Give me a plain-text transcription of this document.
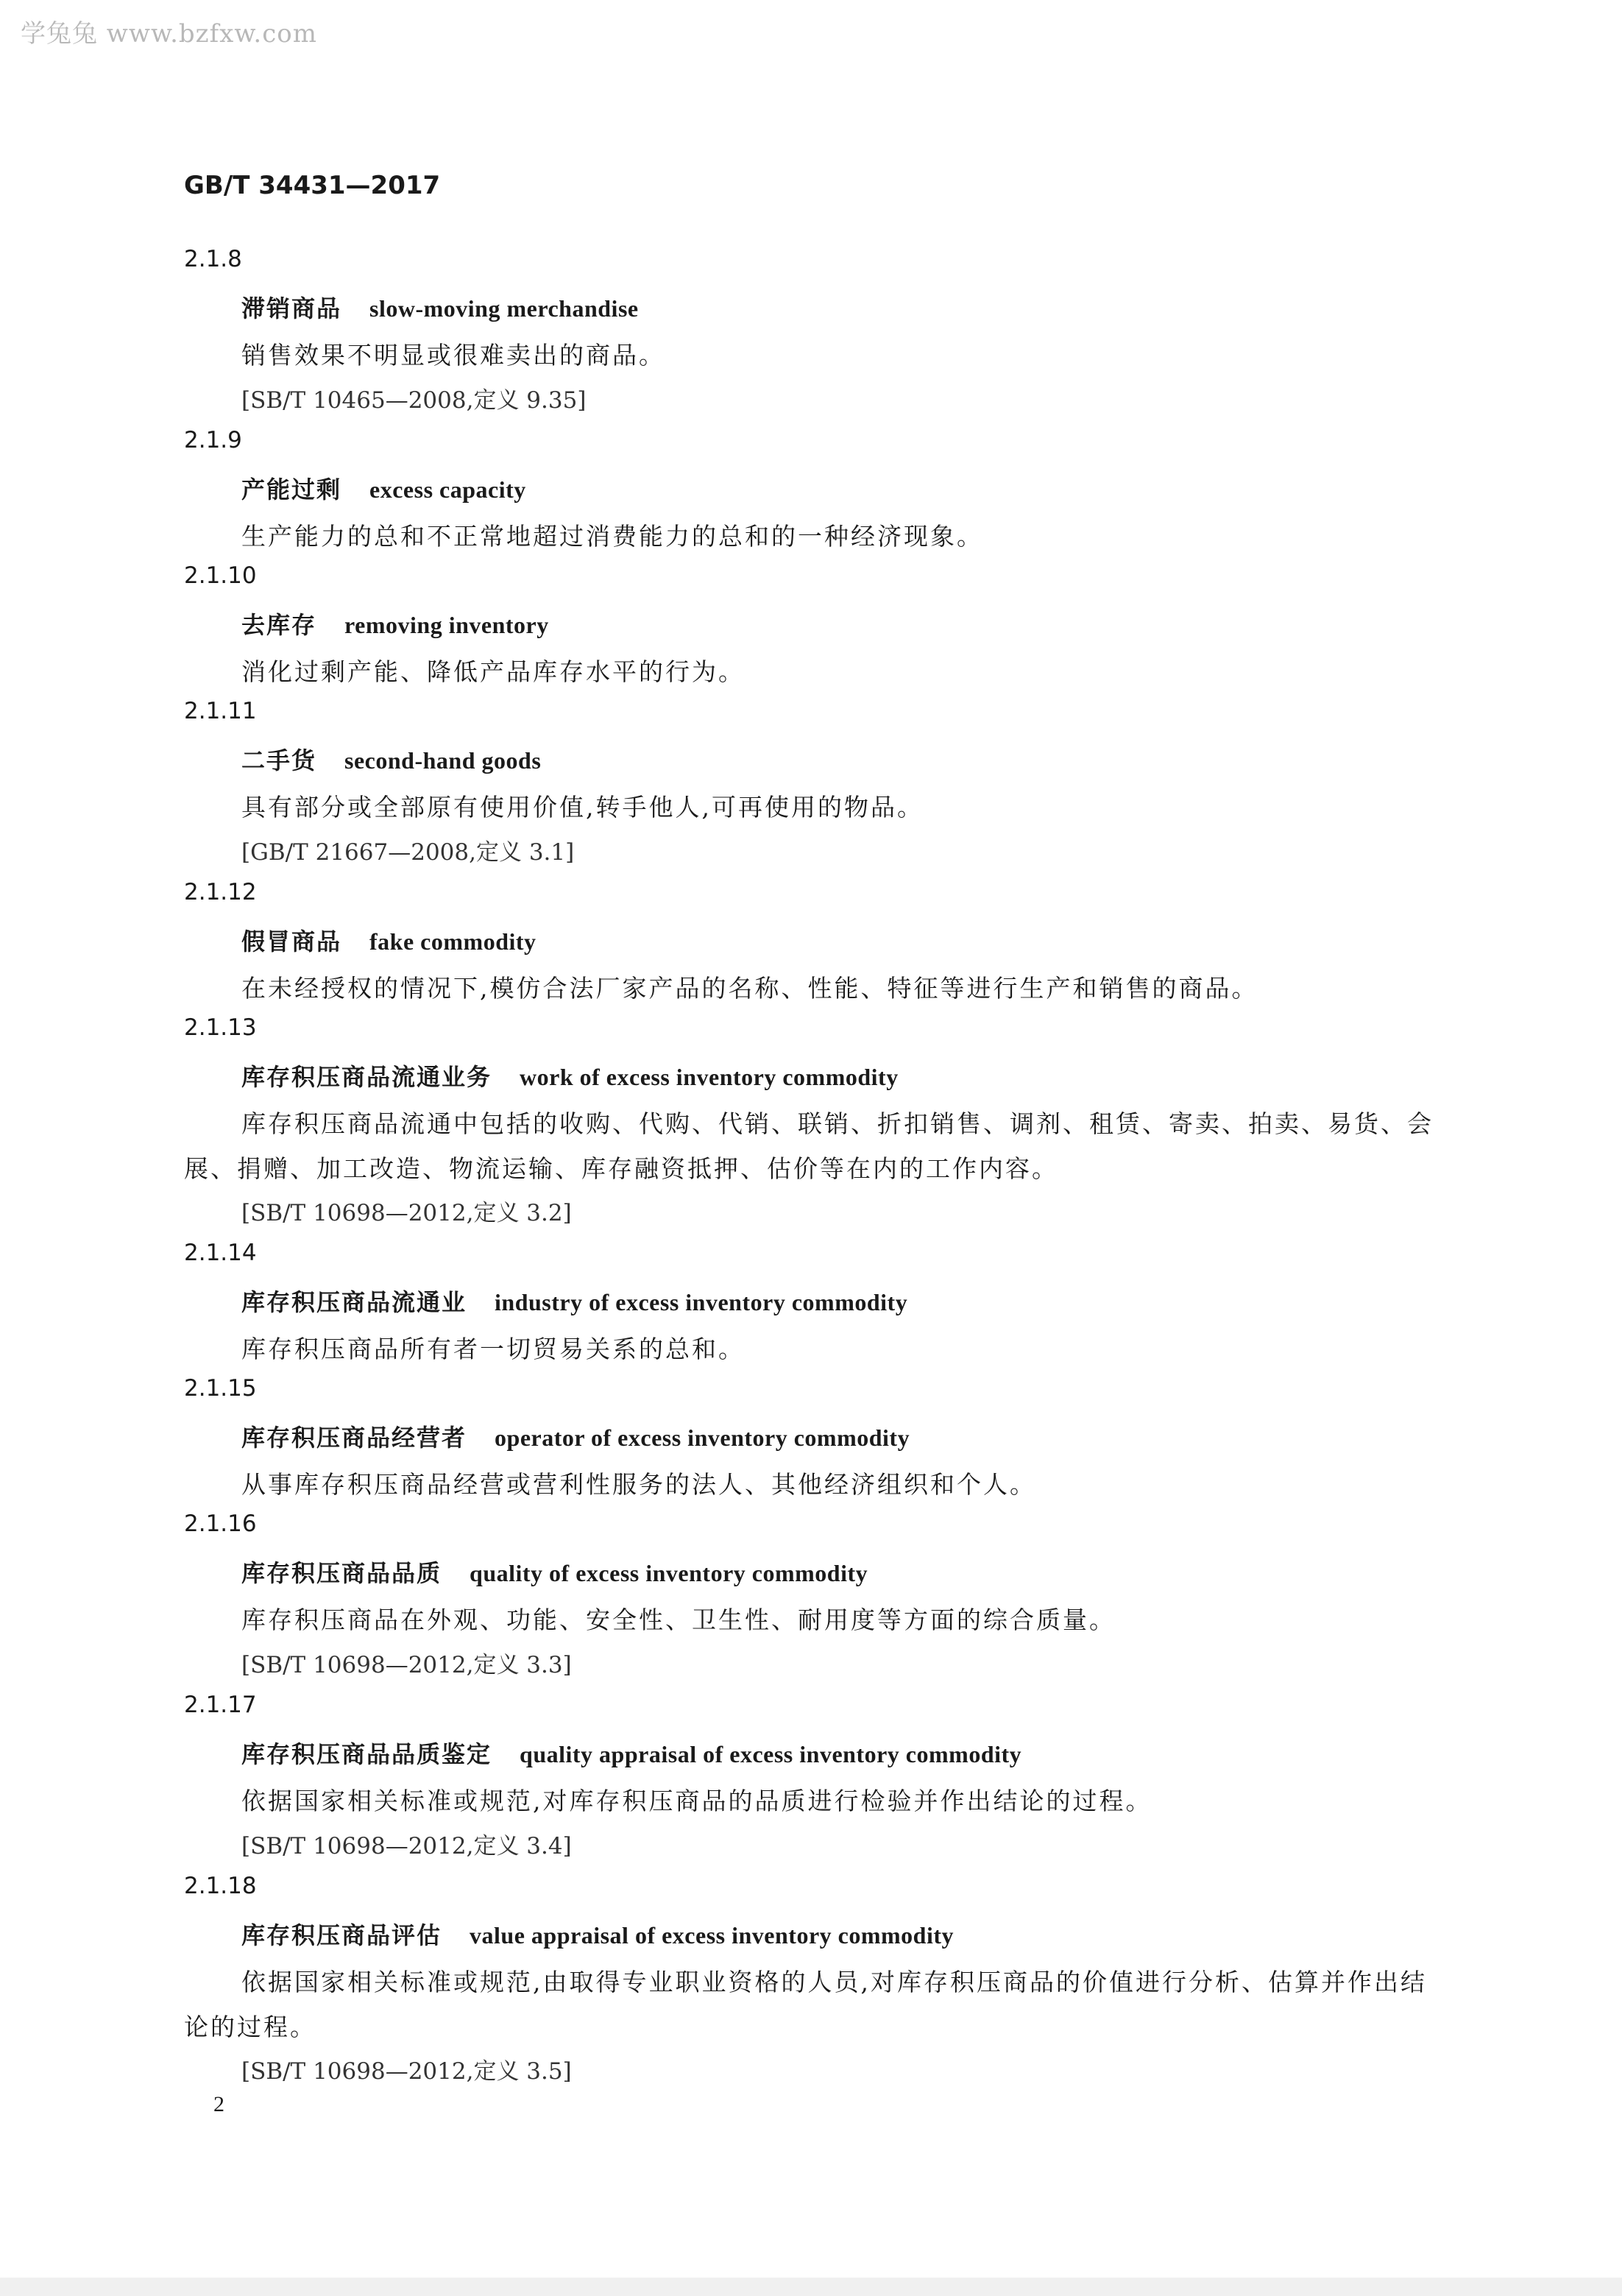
学兔兔 www.bzfxw.com
GB/T 34431—2017
2.1.8
滞销商品 slow-moving merchandise
销售效果不明显或很难卖出的商品。
[SB/T 10465—2008,定义 9.35]
2.1.9
产能过剩 excess capacity
生产能力的总和不正常地超过消费能力的总和的一种经济现象。
2.1.10
去库存 removing inventory
消化过剩产能、降低产品库存水平的行为。
2.1.11
二手货 second-hand goods
具有部分或全部原有使用价值,转手他人,可再使用的物品。
[GB/T 21667—2008,定义 3.1]
2.1.12
假冒商品 fake commodity
在未经授权的情况下,模仿合法厂家产品的名称、性能、特征等进行生产和销售的商品。
2.1.13
库存积压商品流通业务 work of excess inventory commodity
库存积压商品流通中包括的收购、代购、代销、联销、折扣销售、调剂、租赁、寄卖、拍卖、易货、会展、捐赠、加工改造、物流运输、库存融资抵押、估价等在内的工作内容。
[SB/T 10698—2012,定义 3.2]
2.1.14
库存积压商品流通业 industry of excess inventory commodity
库存积压商品所有者一切贸易关系的总和。
2.1.15
库存积压商品经营者 operator of excess inventory commodity
从事库存积压商品经营或营利性服务的法人、其他经济组织和个人。
2.1.16
库存积压商品品质 quality of excess inventory commodity
库存积压商品在外观、功能、安全性、卫生性、耐用度等方面的综合质量。
[SB/T 10698—2012,定义 3.3]
2.1.17
库存积压商品品质鉴定 quality appraisal of excess inventory commodity
依据国家相关标准或规范,对库存积压商品的品质进行检验并作出结论的过程。
[SB/T 10698—2012,定义 3.4]
2.1.18
库存积压商品评估 value appraisal of excess inventory commodity
依据国家相关标准或规范,由取得专业职业资格的人员,对库存积压商品的价值进行分析、估算并作出结论的过程。
[SB/T 10698—2012,定义 3.5]
2
